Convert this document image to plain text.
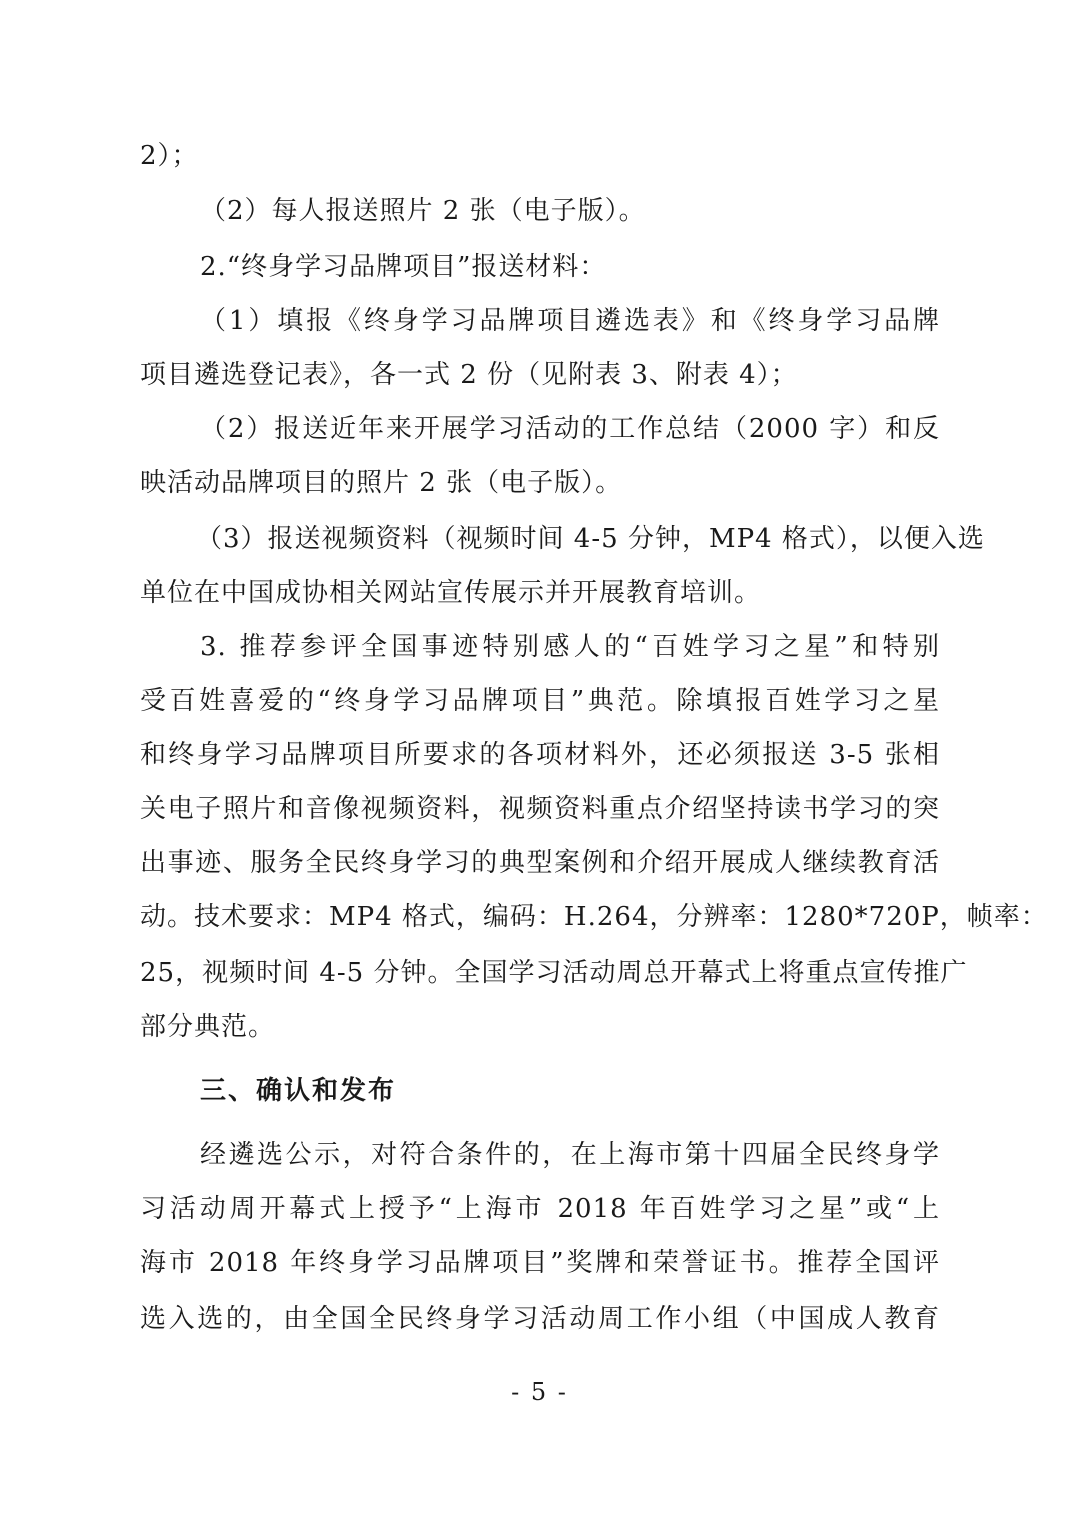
2）；
（2）每人报送照片 2 张（电子版）。
2.“终身学习品牌项目”报送材料：
（1）填报《终身学习品牌项目遴选表》和《终身学习品牌
项目遴选登记表》，各一式 2 份（见附表 3、附表 4）；
（2）报送近年来开展学习活动的工作总结（2000 字）和反
映活动品牌项目的照片 2 张（电子版）。
（3）报送视频资料（视频时间 4-5 分钟，MP4 格式），以便入选
单位在中国成协相关网站宣传展示并开展教育培训。
3. 推荐参评全国事迹特别感人的“百姓学习之星”和特别
受百姓喜爱的“终身学习品牌项目”典范。除填报百姓学习之星
和终身学习品牌项目所要求的各项材料外，还必须报送 3-5 张相
关电子照片和音像视频资料，视频资料重点介绍坚持读书学习的突
出事迹、服务全民终身学习的典型案例和介绍开展成人继续教育活
动。技术要求：MP4 格式，编码：H.264，分辨率：1280*720P，帧率：
25，视频时间 4-5 分钟。全国学习活动周总开幕式上将重点宣传推广
部分典范。
三、确认和发布
经遴选公示，对符合条件的，在上海市第十四届全民终身学
习活动周开幕式上授予“上海市 2018 年百姓学习之星”或“上
海市 2018 年终身学习品牌项目”奖牌和荣誉证书。推荐全国评
选入选的，由全国全民终身学习活动周工作小组（中国成人教育
- 5 -
